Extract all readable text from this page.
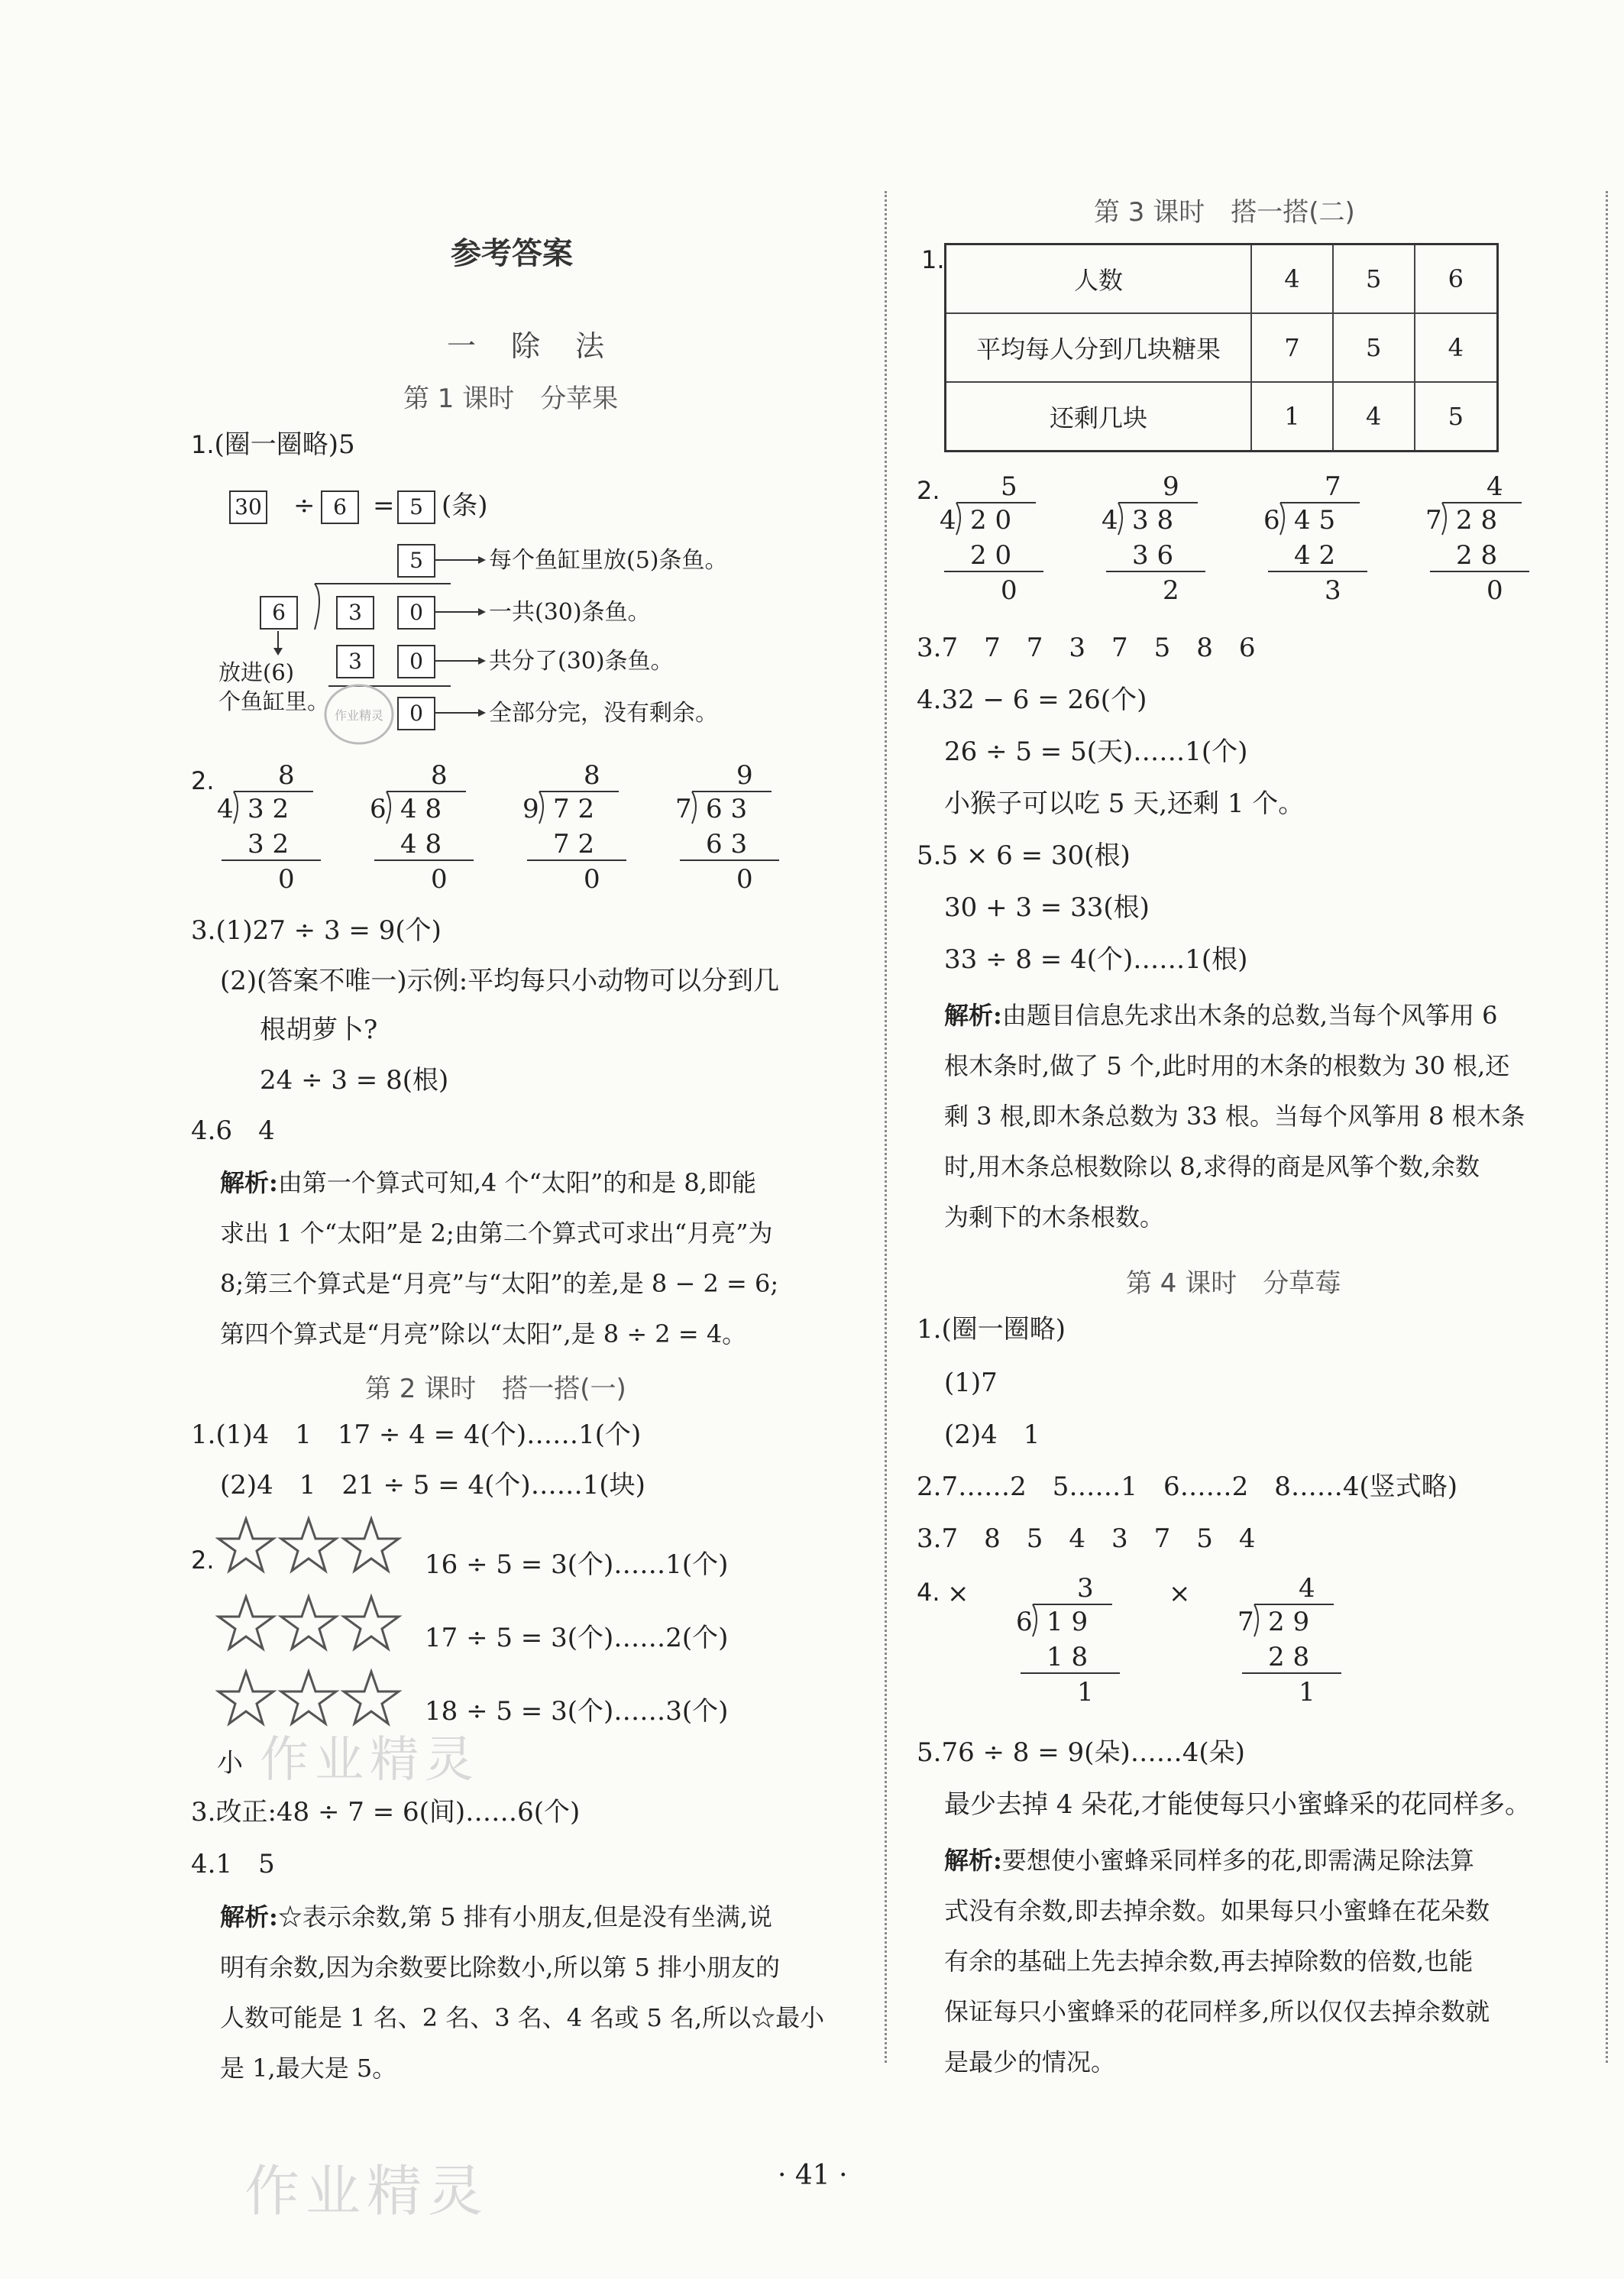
参考答案
一　除　法
第 1 课时　分苹果
1.(圈一圈略)5
30 ÷ 6	= 5 (条)
5
6	3	0
3	0
0
每个鱼缸里放(5)条鱼。
一共(30)条鱼。
共分了(30)条鱼。
全部分完，没有剩余。
放进(6)
个鱼缸里。
作业精灵
2. 8
4 3 2
3 2
0
8
6 4 8
4 8
0
8
9 7 2
7 2
0
9
7 6 3
6 3
0
3.(1)27 ÷ 3 = 9(个)
(2)(答案不唯一)示例:平均每只小动物可以分到几
根胡萝卜?
24 ÷ 3 = 8(根)
4.6　4
解析:由第一个算式可知,4 个“太阳”的和是 8,即能
求出 1 个“太阳”是 2;由第二个算式可求出“月亮”为
8;第三个算式是“月亮”与“太阳”的差,是 8 − 2 = 6;
第四个算式是“月亮”除以“太阳”,是 8 ÷ 2 = 4。
第 2 课时　搭一搭(一)
1.(1)4　1　17 ÷ 4 = 4(个)……1(个)
(2)4　1　21 ÷ 5 = 4(个)……1(块)
2.	16 ÷ 5 = 3(个)……1(个)
17 ÷ 5 = 3(个)……2(个)
18 ÷ 5 = 3(个)……3(个)
小 作业精灵
3.改正:48 ÷ 7 = 6(间)……6(个)
4.1　5
解析:☆表示余数,第 5 排有小朋友,但是没有坐满,说
明有余数,因为余数要比除数小,所以第 5 排小朋友的
人数可能是 1 名、2 名、3 名、4 名或 5 名,所以☆最小
是 1,最大是 5。
作业精灵	· 41 ·
第 3 课时　搭一搭(二)
1.
人数	4	5	6
平均每人分到几块糖果	7	5	4
还剩几块	1	4	5
2. 5
4 2 0
2 0
0
9
4 3 8
3 6
2
7
6 4 5
4 2
3
4
7 2 8
2 8
0
3.7　7　7　3　7　5　8　6
4.32 − 6 = 26(个)
26 ÷ 5 = 5(天)……1(个)
小猴子可以吃 5 天,还剩 1 个。
5.5 × 6 = 30(根)
30 + 3 = 33(根)
33 ÷ 8 = 4(个)……1(根)
解析:由题目信息先求出木条的总数,当每个风筝用 6
根木条时,做了 5 个,此时用的木条的根数为 30 根,还
剩 3 根,即木条总数为 33 根。当每个风筝用 8 根木条
时,用木条总根数除以 8,求得的商是风筝个数,余数
为剩下的木条根数。
第 4 课时　分草莓
1.(圈一圈略)
(1)7
(2)4　1
2.7……2　5……1　6……2　8……4(竖式略)
3.7　8　5　4　3　7　5　4
4. ×	×
3
6 1 9
1 8
1
4
7 2 9
2 8
1
5.76 ÷ 8 = 9(朵)……4(朵)
最少去掉 4 朵花,才能使每只小蜜蜂采的花同样多。
解析:要想使小蜜蜂采同样多的花,即需满足除法算
式没有余数,即去掉余数。如果每只小蜜蜂在花朵数
有余的基础上先去掉余数,再去掉除数的倍数,也能
保证每只小蜜蜂采的花同样多,所以仅仅去掉余数就
是最少的情况。
